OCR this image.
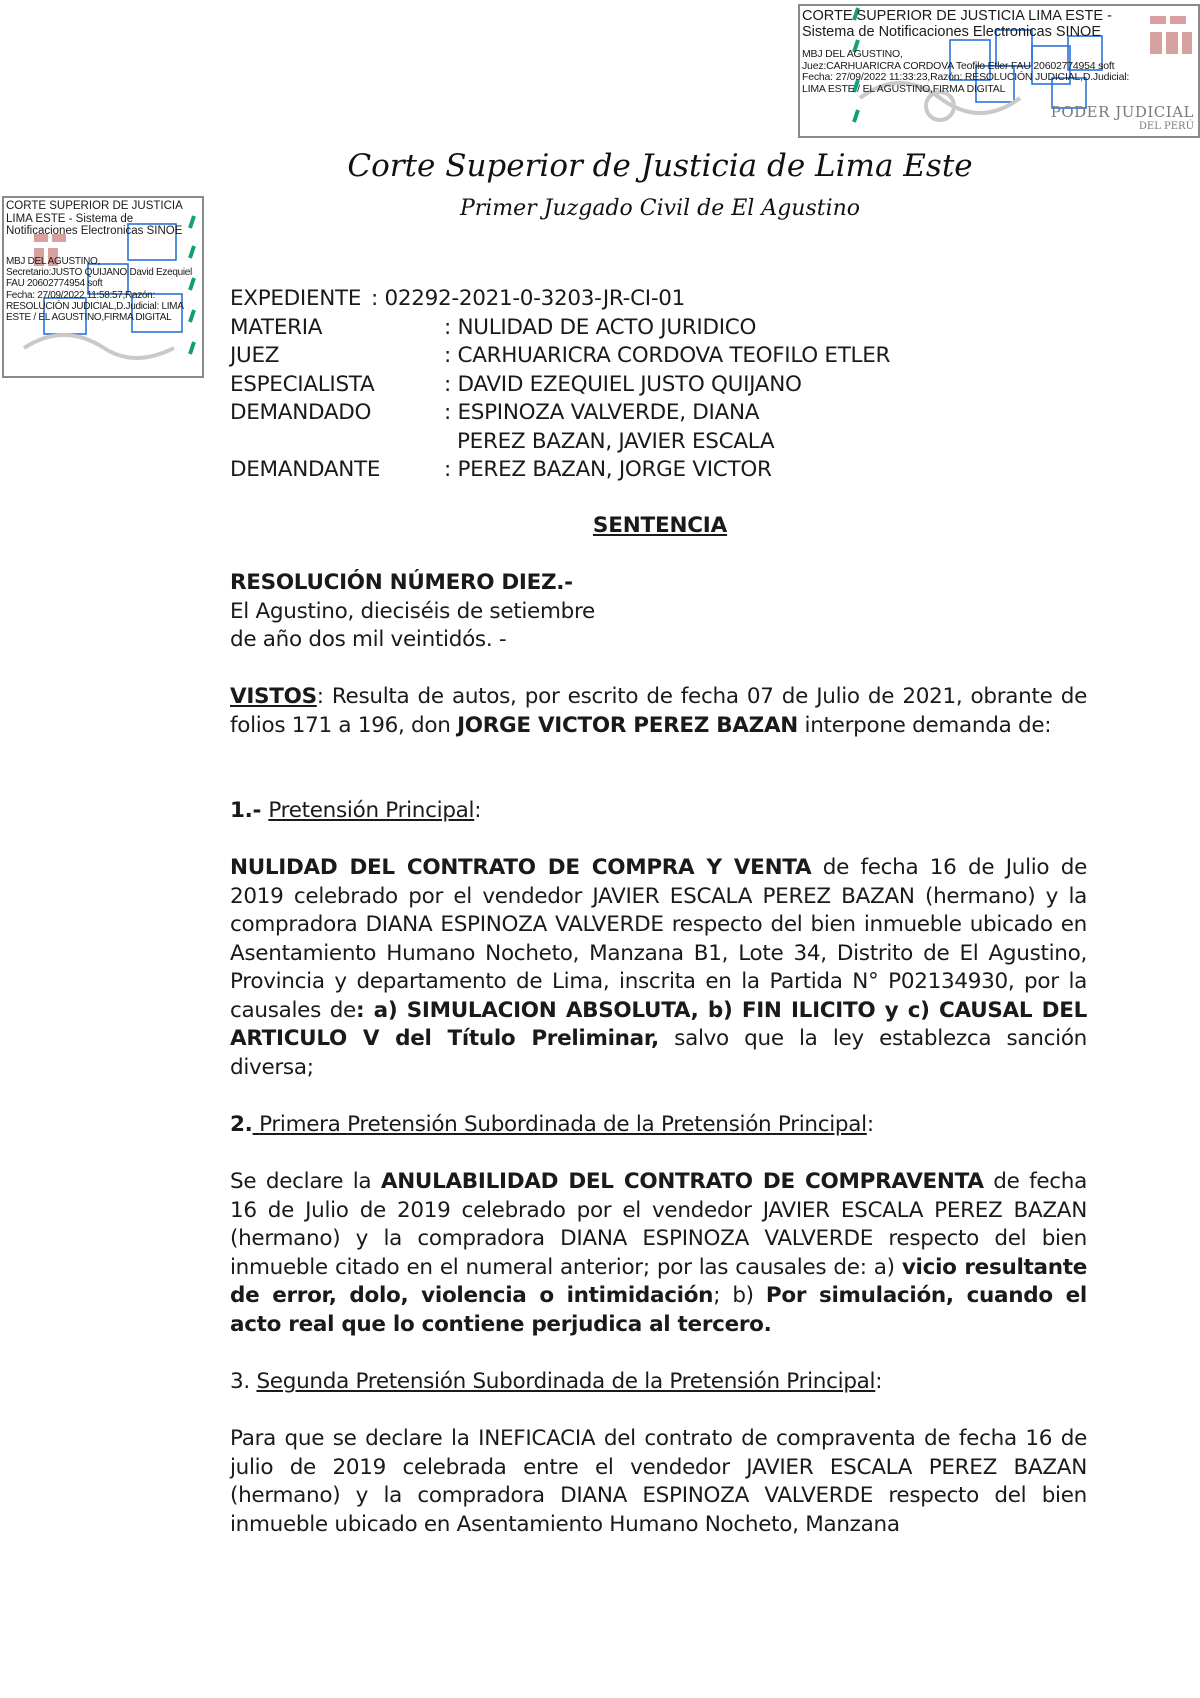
CORTE SUPERIOR DE JUSTICIA LIMA ESTE -
Sistema de Notificaciones Electronicas SINOE
MBJ DEL AGUSTINO,
Juez:CARHUARICRA CORDOVA Teofilo Etler FAU 20602774954 soft
Fecha: 27/09/2022 11:33:23,Razón: RESOLUCIÓN JUDICIAL,D.Judicial:
LIMA ESTE / EL AGUSTINO,FIRMA DIGITAL
PODER JUDICIAL
DEL PERÚ
CORTE SUPERIOR DE JUSTICIA LIMA ESTE - Sistema de Notificaciones Electronicas SINOE
MBJ DEL AGUSTINO,
Secretario:JUSTO QUIJANO David Ezequiel FAU 20602774954 soft
Fecha: 27/09/2022 11:58:57,Razón: RESOLUCIÓN JUDICIAL,D.Judicial: LIMA ESTE / EL AGUSTINO,FIRMA DIGITAL
Corte Superior de Justicia de Lima Este
Primer Juzgado Civil de El Agustino
EXPEDIENTE : 02292-2021-0-3203-JR-CI-01
MATERIA	: NULIDAD DE ACTO JURIDICO
JUEZ	: CARHUARICRA CORDOVA TEOFILO ETLER
ESPECIALISTA	: DAVID EZEQUIEL JUSTO QUIJANO
DEMANDADO	: ESPINOZA VALVERDE, DIANA
PEREZ BAZAN, JAVIER ESCALA
DEMANDANTE	: PEREZ BAZAN, JORGE VICTOR
SENTENCIA
RESOLUCIÓN NÚMERO DIEZ.-
El Agustino, dieciséis de setiembre
de año dos mil veintidós. -

VISTOS: Resulta de autos, por escrito de fecha 07 de Julio de 2021, obrante de folios 171 a 196, don JORGE VICTOR PEREZ BAZAN interpone demanda de:

1.- Pretensión Principal:

NULIDAD DEL CONTRATO DE COMPRA Y VENTA de fecha 16 de Julio de 2019 celebrado por el vendedor JAVIER ESCALA PEREZ BAZAN (hermano) y la compradora DIANA ESPINOZA VALVERDE respecto del bien inmueble ubicado en Asentamiento Humano Nocheto, Manzana B1, Lote 34, Distrito de El Agustino, Provincia y departamento de Lima, inscrita en la Partida N° P02134930, por la causales de: a) SIMULACION ABSOLUTA, b) FIN ILICITO y c) CAUSAL DEL ARTICULO V del Título Preliminar, salvo que la ley establezca sanción diversa;

2. Primera Pretensión Subordinada de la Pretensión Principal:

Se declare la ANULABILIDAD DEL CONTRATO DE COMPRAVENTA de fecha 16 de Julio de 2019 celebrado por el vendedor JAVIER ESCALA PEREZ BAZAN (hermano) y la compradora DIANA ESPINOZA VALVERDE respecto del bien inmueble citado en el numeral anterior; por las causales de: a) vicio resultante de error, dolo, violencia o intimidación; b) Por simulación, cuando el acto real que lo contiene perjudica al tercero.

3. Segunda Pretensión Subordinada de la Pretensión Principal:

Para que se declare la INEFICACIA del contrato de compraventa de fecha 16 de julio de 2019 celebrada entre el vendedor JAVIER ESCALA PEREZ BAZAN (hermano) y la compradora DIANA ESPINOZA VALVERDE respecto del bien inmueble ubicado en Asentamiento Humano Nocheto, Manzana
